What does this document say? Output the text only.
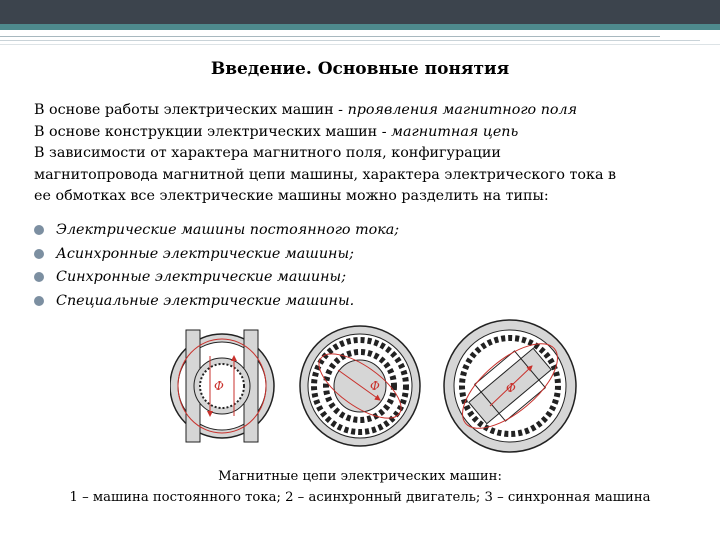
Введение. Основные понятия
В основе работы электрических машин - проявления магнитного поля
В основе конструкции электрических машин - магнитная цепь
В зависимости от характера магнитного поля, конфигурации
магнитопровода магнитной цепи машины, характера электрического тока в
ее обмотках все электрические машины можно разделить на типы:
Электрические машины постоянного тока;
Асинхронные электрические машины;
Синхронные электрические машины;
Специальные электрические машины.
Φ	Φ	Φ
Магнитные цепи электрических машин:
1 – машина постоянного тока; 2 – асинхронный двигатель; 3 – синхронная машина
